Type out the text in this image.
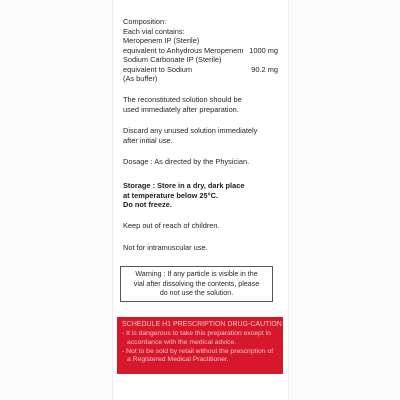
Composition:
Each vial contains:
Meropenem IP (Sterile)
equivalent to Anhydrous Meropenem 1000 mg
Sodium Carbonate IP (Sterile)
equivalent to Sodium	90.2 mg
(As buffer)
The reconstituted solution should be
used immediately after preparation.
Discard any unused solution immediately
after initial use.
Dosage : As directed by the Physician.
Storage : Store in a dry, dark place
at temperature below 25°C.
Do not freeze.
Keep out of reach of children.
Not for intramuscular use.
Warning : If any particle is visible in the
vial after dissolving the contents, please
do not use the solution.
SCHEDULE H1 PRESCRIPTION DRUG-CAUTION
- It is dangerous to take this preparation except in
accordance with the medical advice.
- Not to be sold by retail without the prescription of
a Registered Medical Practitioner.
